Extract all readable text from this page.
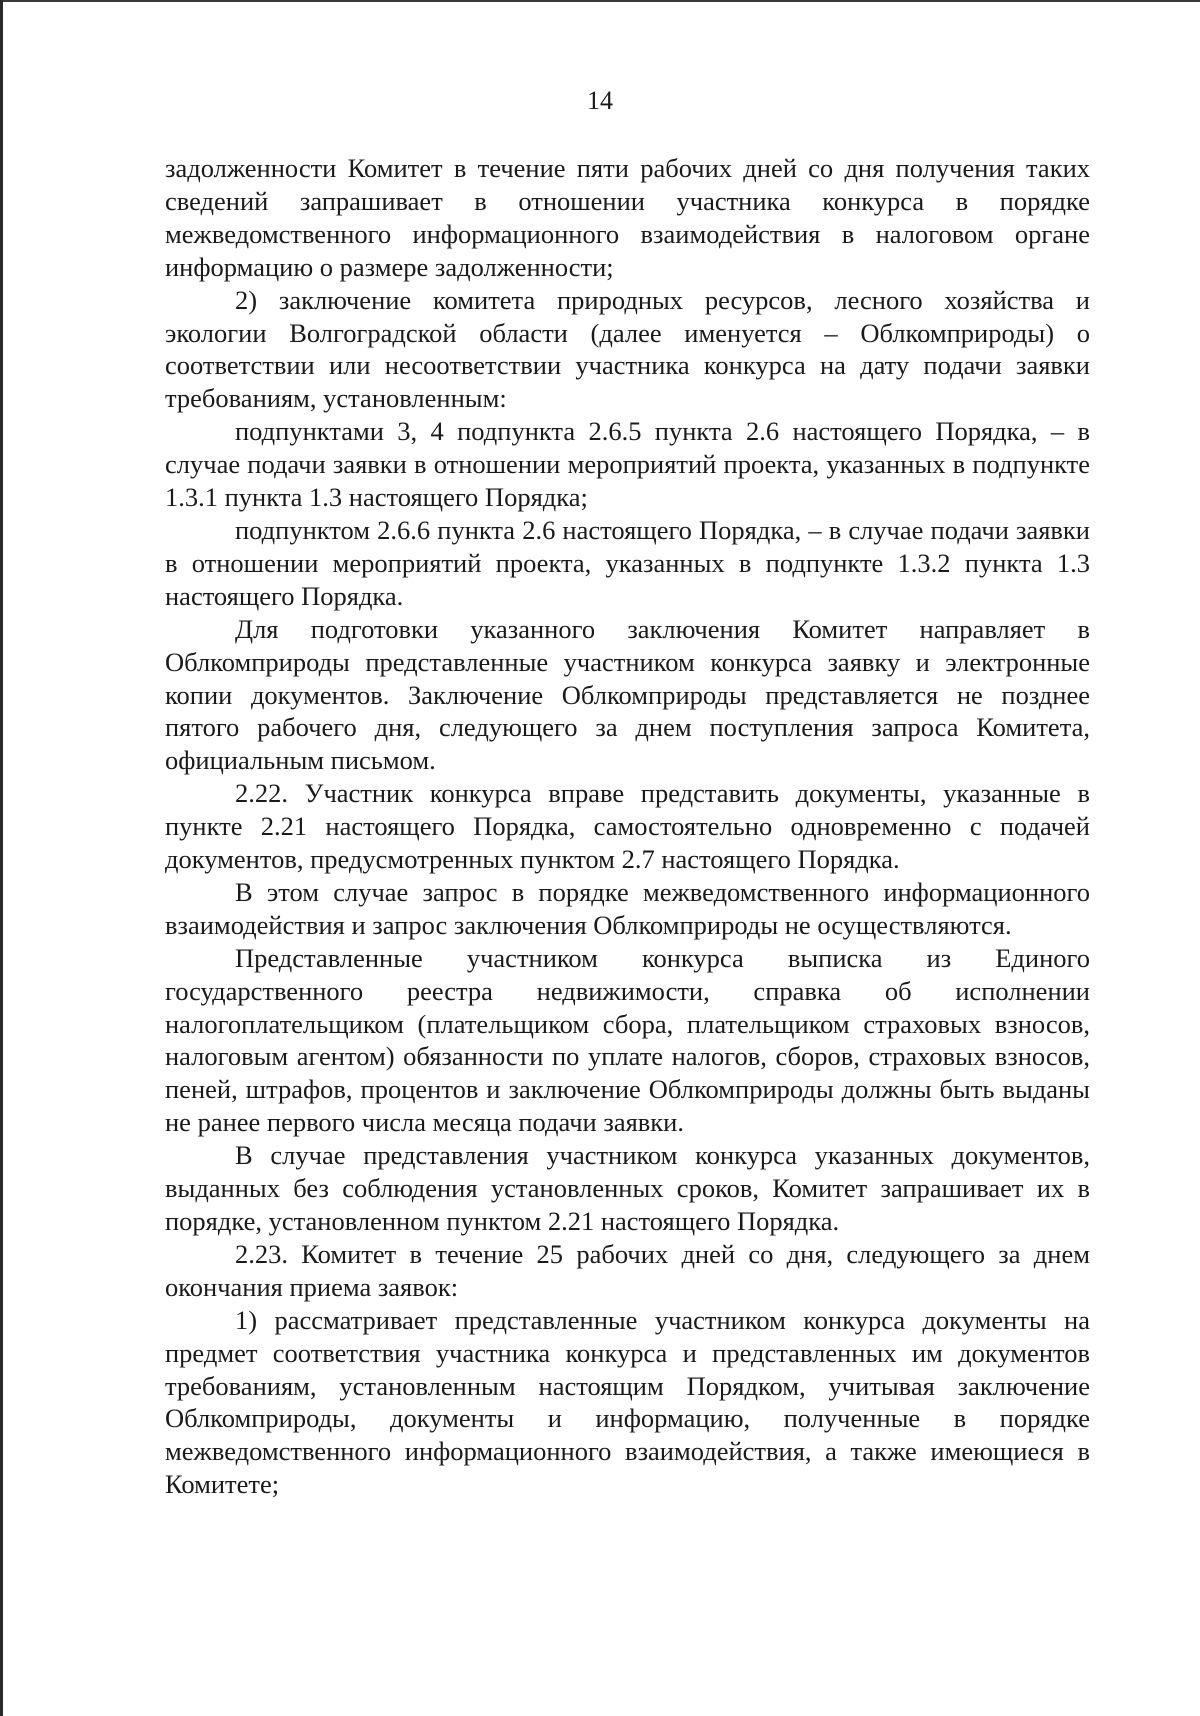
14

задолженности Комитет в течение пяти рабочих дней со дня получения таких сведений запрашивает в отношении участника конкурса в порядке межведомственного информационного взаимодействия в налоговом органе информацию о размере задолженности;

2) заключение комитета природных ресурсов, лесного хозяйства и экологии Волгоградской области (далее именуется – Облкомприроды) о соответствии или несоответствии участника конкурса на дату подачи заявки требованиям, установленным:

подпунктами 3, 4 подпункта 2.6.5 пункта 2.6 настоящего Порядка, – в случае подачи заявки в отношении мероприятий проекта, указанных в подпункте 1.3.1 пункта 1.3 настоящего Порядка;

подпунктом 2.6.6 пункта 2.6 настоящего Порядка, – в случае подачи заявки в отношении мероприятий проекта, указанных в подпункте 1.3.2 пункта 1.3 настоящего Порядка.

Для подготовки указанного заключения Комитет направляет в Облкомприроды представленные участником конкурса заявку и электронные копии документов. Заключение Облкомприроды представляется не позднее пятого рабочего дня, следующего за днем поступления запроса Комитета, официальным письмом.

2.22. Участник конкурса вправе представить документы, указанные в пункте 2.21 настоящего Порядка, самостоятельно одновременно с подачей документов, предусмотренных пунктом 2.7 настоящего Порядка.

В этом случае запрос в порядке межведомственного информационного взаимодействия и запрос заключения Облкомприроды не осуществляются.

Представленные участником конкурса выписка из Единого государственного реестра недвижимости, справка об исполнении налогоплательщиком (плательщиком сбора, плательщиком страховых взносов, налоговым агентом) обязанности по уплате налогов, сборов, страховых взносов, пеней, штрафов, процентов и заключение Облкомприроды должны быть выданы не ранее первого числа месяца подачи заявки.

В случае представления участником конкурса указанных документов, выданных без соблюдения установленных сроков, Комитет запрашивает их в порядке, установленном пунктом 2.21 настоящего Порядка.

2.23. Комитет в течение 25 рабочих дней со дня, следующего за днем окончания приема заявок:

1) рассматривает представленные участником конкурса документы на предмет соответствия участника конкурса и представленных им документов требованиям, установленным настоящим Порядком, учитывая заключение Облкомприроды, документы и информацию, полученные в порядке межведомственного информационного взаимодействия, а также имеющиеся в Комитете;
